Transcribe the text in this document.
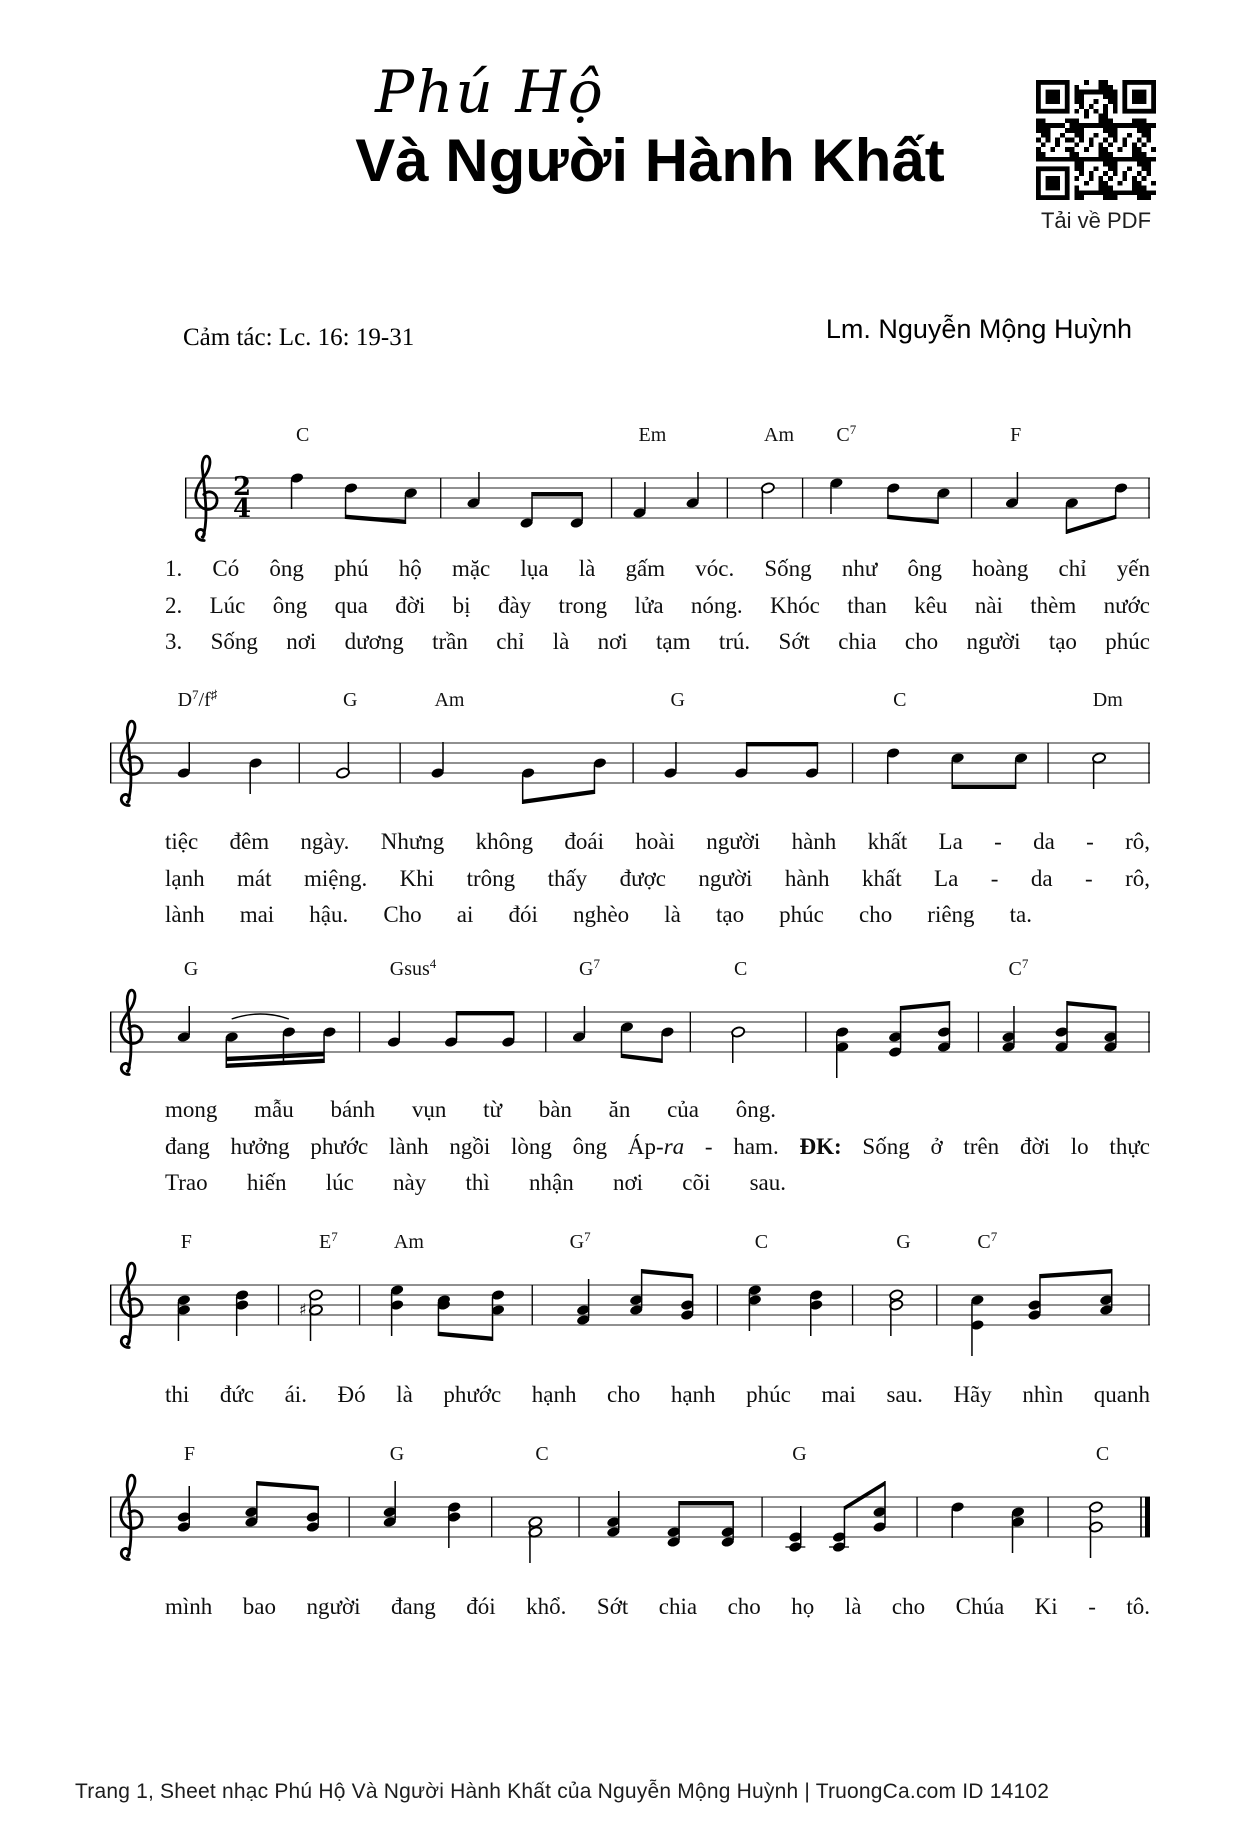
Phú Hộ
Và Người Hành Khất
Tải về PDF
Cảm tác: Lc. 16: 19-31	Lm. Nguyễn Mộng Huỳnh
2
4
C	Em	Am $C^7$	F
1. Có ông phú hộ mặc lụa là gấm vóc. Sống như ông hoàng chỉ yến
2. Lúc ông qua đời bị đày trong lửa nóng. Khóc than kêu nài thèm nước
3. Sống nơi dương trần chỉ là nơi tạm trú. Sớt chia cho người tạo phúc
$D^7/f^♯$	G	Am	G	C	Dm
tiệc đêm ngày. Nhưng không đoái hoài người hành khất La - da - rô,
lạnh mát miệng. Khi trông thấy được người hành khất La - da - rô,
lành mai hậu. Cho ai đói nghèo là tạo phúc cho riêng ta.
G	Gsus$^4$	$G^7$	C	$C^7$
mong mẫu bánh vụn từ bàn ăn của ông.
đang hưởng phước lành ngồi lòng ông Áp-ra - ham. ĐK: Sống ở trên đời lo thực
Trao hiến lúc này thì nhận nơi cõi sau.
♯
F	$E^7$	Am	$G^7$	C	G	$C^7$
thi đức ái. Đó là phước hạnh cho hạnh phúc mai sau. Hãy nhìn quanh
F	G	C	G	C
mình bao người đang đói khổ. Sớt chia cho họ là cho Chúa Ki - tô.
Trang 1, Sheet nhạc Phú Hộ Và Người Hành Khất của Nguyễn Mộng Huỳnh | TruongCa.com ID 14102
